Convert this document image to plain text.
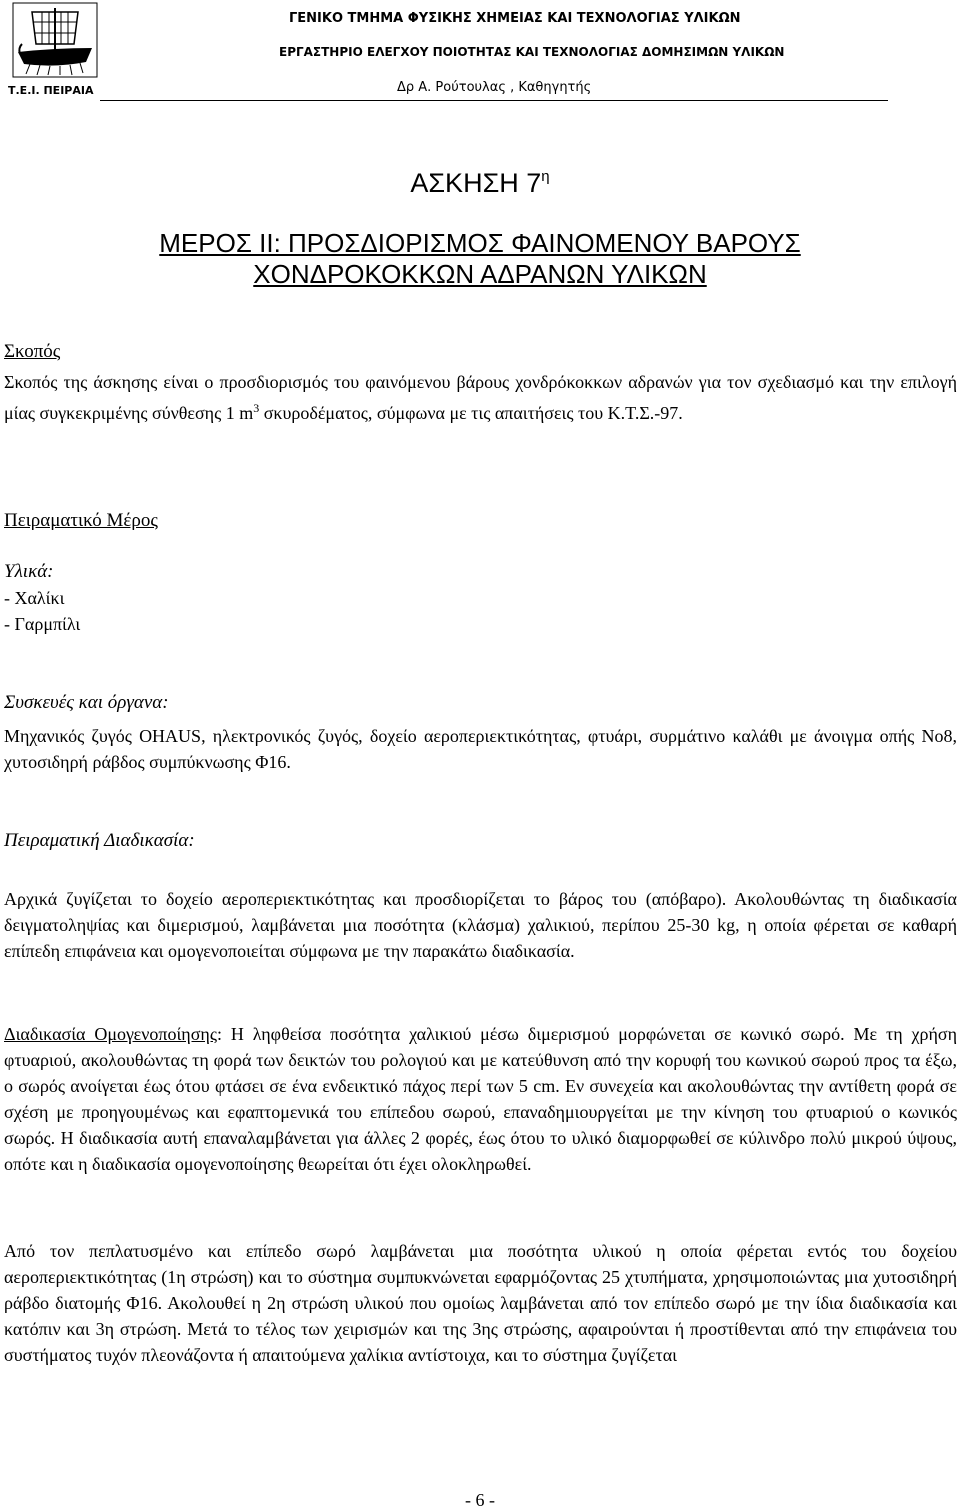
Τ.Ε.Ι. ΠΕΙΡΑΙΑ
ΓΕΝΙΚΟ ΤΜΗΜΑ ΦΥΣΙΚΗΣ ΧΗΜΕΙΑΣ ΚΑΙ ΤΕΧΝΟΛΟΓΙΑΣ ΥΛΙΚΩΝ
ΕΡΓΑΣΤΗΡΙΟ ΕΛΕΓΧΟΥ ΠΟΙΟΤΗΤΑΣ ΚΑΙ ΤΕΧΝΟΛΟΓΙΑΣ ΔΟΜΗΣΙΜΩΝ ΥΛΙΚΩΝ
Δρ Α. Ρούτουλας , Καθηγητής
ΑΣΚΗΣΗ $7^\eta$
ΜΕΡΟΣ ΙΙ: ΠΡΟΣΔΙΟΡΙΣΜΟΣ ΦΑΙΝΟΜΕΝΟΥ ΒΑΡΟΥΣ
ΧΟΝΔΡΟΚΟΚΚΩΝ ΑΔΡΑΝΩΝ ΥΛΙΚΩΝ
Σκοπός

Σκοπός της άσκησης είναι ο προσδιορισμός του φαινόμενου βάρους χονδρόκοκκων αδρανών για τον σχεδιασμό και την επιλογή μίας συγκεκριμένης σύνθεσης 1 $m^3$ σκυροδέματος, σύμφωνα με τις απαιτήσεις του Κ.Τ.Σ.-97.

Πειραματικό Μέρος
Υλικά:
- Χαλίκι
- Γαρμπίλι
Συσκευές και όργανα:

Μηχανικός ζυγός OHAUS, ηλεκτρονικός ζυγός, δοχείο αεροπεριεκτικότητας, φτυάρι, συρμάτινο καλάθι με άνοιγμα οπής Νο8, χυτοσιδηρή ράβδος συμπύκνωσης Φ16.

Πειραματική Διαδικασία:

Αρχικά ζυγίζεται το δοχείο αεροπεριεκτικότητας και προσδιορίζεται το βάρος του (απόβαρο). Ακολουθώντας τη διαδικασία δειγματοληψίας και διμερισμού, λαμβάνεται μια ποσότητα (κλάσμα) χαλικιού, περίπου 25-30 kg, η οποία φέρεται σε καθαρή επίπεδη επιφάνεια και ομογενοποιείται σύμφωνα με την παρακάτω διαδικασία.

Διαδικασία Ομογενοποίησης: Η ληφθείσα ποσότητα χαλικιού μέσω διμερισμού μορφώνεται σε κωνικό σωρό. Με τη χρήση φτυαριού, ακολουθώντας τη φορά των δεικτών του ρολογιού και με κατεύθυνση από την κορυφή του κωνικού σωρού προς τα έξω, ο σωρός ανοίγεται έως ότου φτάσει σε ένα ενδεικτικό πάχος περί των 5 cm. Εν συνεχεία και ακολουθώντας την αντίθετη φορά σε σχέση με προηγουμένως και εφαπτομενικά του επίπεδου σωρού, επαναδημιουργείται με την κίνηση του φτυαριού ο κωνικός σωρός. Η διαδικασία αυτή επαναλαμβάνεται για άλλες 2 φορές, έως ότου το υλικό διαμορφωθεί σε κύλινδρο πολύ μικρού ύψους, οπότε και η διαδικασία ομογενοποίησης θεωρείται ότι έχει ολοκληρωθεί.

Από τον πεπλατυσμένο και επίπεδο σωρό λαμβάνεται μια ποσότητα υλικού η οποία φέρεται εντός του δοχείου αεροπεριεκτικότητας (1η στρώση) και το σύστημα συμπυκνώνεται εφαρμόζοντας 25 χτυπήματα, χρησιμοποιώντας μια χυτοσιδηρή ράβδο διατομής Φ16. Ακολουθεί η 2η στρώση υλικού που ομοίως λαμβάνεται από τον επίπεδο σωρό με την ίδια διαδικασία και κατόπιν και 3η στρώση. Μετά το τέλος των χειρισμών και της 3ης στρώσης, αφαιρούνται ή προστίθενται από την επιφάνεια του συστήματος τυχόν πλεονάζοντα ή απαιτούμενα χαλίκια αντίστοιχα, και το σύστημα ζυγίζεται

- 6 -
